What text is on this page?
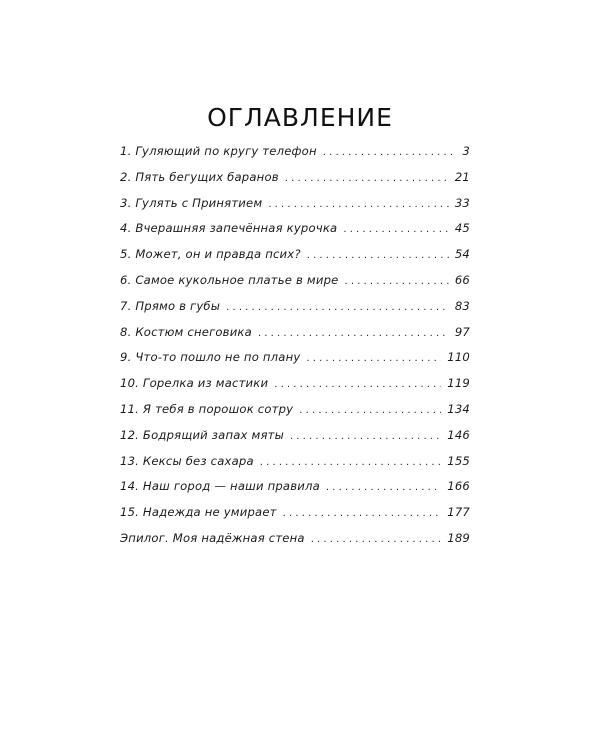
ОГЛАВЛЕНИЕ
1. Гуляющий по кругу телефон . . .	3
2. Пять бегущих баранов . . .	21
3. Гулять с Принятием . . .	33
4. Вчерашняя запечённая курочка . . .	45
5. Может, он и правда псих? . . .	54
6. Самое кукольное платье в мире . . .	66
7. Прямо в губы . . .	83
8. Костюм снеговика . . .	97
9. Что-то пошло не по плану . . .	110
10. Горелка из мастики . . .	119
11. Я тебя в порошок сотру . . .	134
12. Бодрящий запах мяты . . .	146
13. Кексы без сахара . . .	155
14. Наш город — наши правила . . .	166
15. Надежда не умирает . . .	177
Эпилог. Моя надёжная стена . . .	189
